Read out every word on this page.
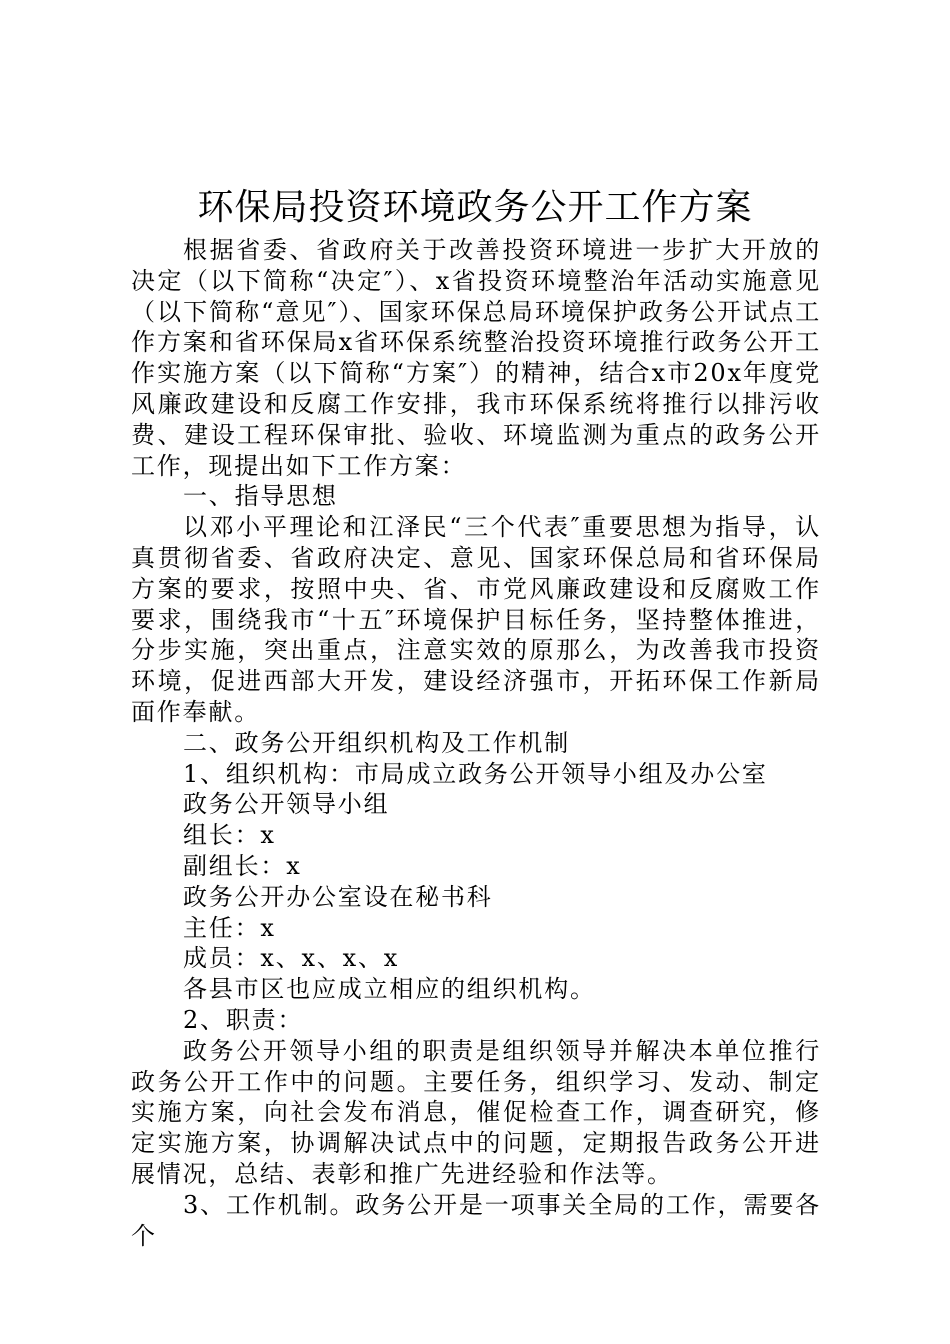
环保局投资环境政务公开工作方案

根据省委、省政府关于改善投资环境进一步扩大开放的决定（以下简称“决定″）、x省投资环境整治年活动实施意见（以下简称“意见″）、国家环保总局环境保护政务公开试点工作方案和省环保局x省环保系统整治投资环境推行政务公开工作实施方案（以下简称“方案″）的精神，结合x市20x年度党风廉政建设和反腐工作安排，我市环保系统将推行以排污收费、建设工程环保审批、验收、环境监测为重点的政务公开工作，现提出如下工作方案：

一、指导思想

以邓小平理论和江泽民“三个代表″重要思想为指导，认真贯彻省委、省政府决定、意见、国家环保总局和省环保局方案的要求，按照中央、省、市党风廉政建设和反腐败工作要求，围绕我市“十五″环境保护目标任务，坚持整体推进，分步实施，突出重点，注意实效的原那么，为改善我市投资环境，促进西部大开发，建设经济强市，开拓环保工作新局面作奉献。

二、政务公开组织机构及工作机制

1、组织机构：市局成立政务公开领导小组及办公室

政务公开领导小组

组长：x

副组长：x

政务公开办公室设在秘书科

主任：x

成员：x、x、x、x

各县市区也应成立相应的组织机构。

2、职责：

政务公开领导小组的职责是组织领导并解决本单位推行政务公开工作中的问题。主要任务，组织学习、发动、制定实施方案，向社会发布消息，催促检查工作，调查研究，修定实施方案，协调解决试点中的问题，定期报告政务公开进展情况，总结、表彰和推广先进经验和作法等。

3、工作机制。政务公开是一项事关全局的工作，需要各个
